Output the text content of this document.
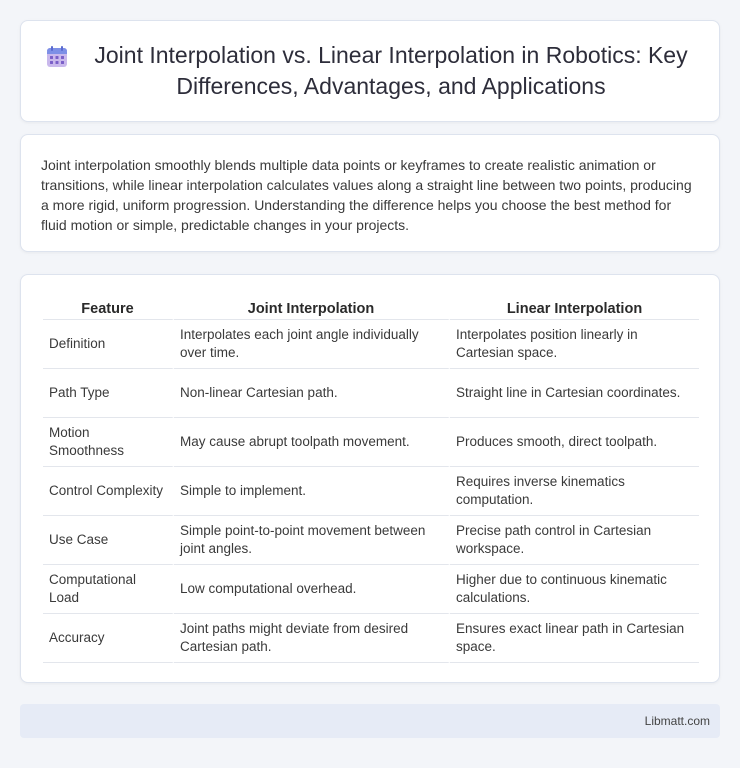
Joint Interpolation vs. Linear Interpolation in Robotics: Key Differences, Advantages, and Applications

Joint interpolation smoothly blends multiple data points or keyframes to create realistic animation or transitions, while linear interpolation calculates values along a straight line between two points, producing a more rigid, uniform progression. Understanding the difference helps you choose the best method for fluid motion or simple, predictable changes in your projects.

Feature	Joint Interpolation	Linear Interpolation
Definition	Interpolates each joint angle individually over time.	Interpolates position linearly in Cartesian space.
Path Type	Non-linear Cartesian path.	Straight line in Cartesian coordinates.
Motion Smoothness	May cause abrupt toolpath movement.	Produces smooth, direct toolpath.
Control Complexity	Simple to implement.	Requires inverse kinematics computation.
Use Case	Simple point-to-point movement between joint angles.	Precise path control in Cartesian workspace.
Computational Load	Low computational overhead.	Higher due to continuous kinematic calculations.
Accuracy	Joint paths might deviate from desired Cartesian path.	Ensures exact linear path in Cartesian space.
Libmatt.com
